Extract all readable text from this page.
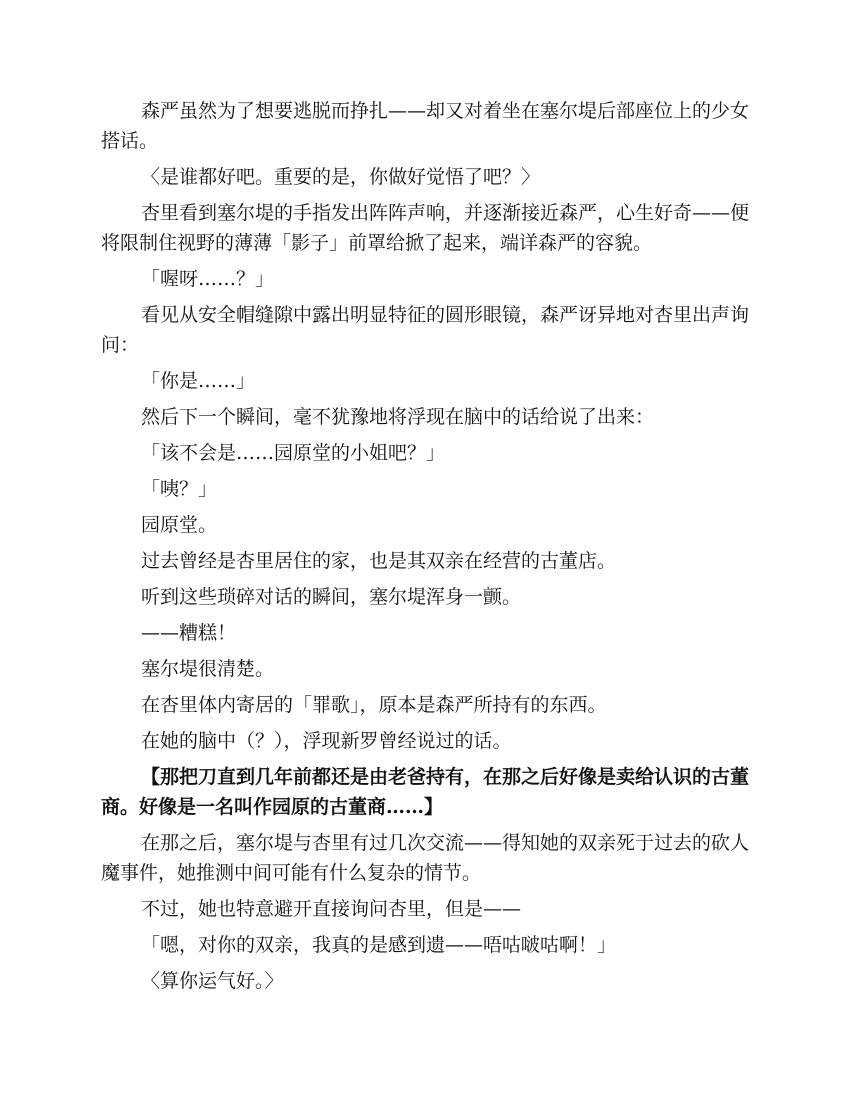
森严虽然为了想要逃脱而挣扎——却又对着坐在塞尔堤后部座位上的少女搭话。

〈是谁都好吧。重要的是，你做好觉悟了吧？〉

杏里看到塞尔堤的手指发出阵阵声响，并逐渐接近森严，心生好奇——便将限制住视野的薄薄「影子」前罩给掀了起来，端详森严的容貌。

「喔呀……？」

看见从安全帽缝隙中露出明显特征的圆形眼镜，森严讶异地对杏里出声询问：

「你是……」

然后下一个瞬间，毫不犹豫地将浮现在脑中的话给说了出来：

「该不会是……园原堂的小姐吧？」

「咦？」

园原堂。

过去曾经是杏里居住的家，也是其双亲在经营的古董店。

听到这些琐碎对话的瞬间，塞尔堤浑身一颤。

——糟糕！

塞尔堤很清楚。

在杏里体内寄居的「罪歌」，原本是森严所持有的东西。

在她的脑中（？），浮现新罗曾经说过的话。

【那把刀直到几年前都还是由老爸持有，在那之后好像是卖给认识的古董商。好像是一名叫作园原的古董商……】

在那之后，塞尔堤与杏里有过几次交流——得知她的双亲死于过去的砍人魔事件，她推测中间可能有什么复杂的情节。

不过，她也特意避开直接询问杏里，但是——

「嗯，对你的双亲，我真的是感到遗——唔咕啵咕啊！」

〈算你运气好。〉
